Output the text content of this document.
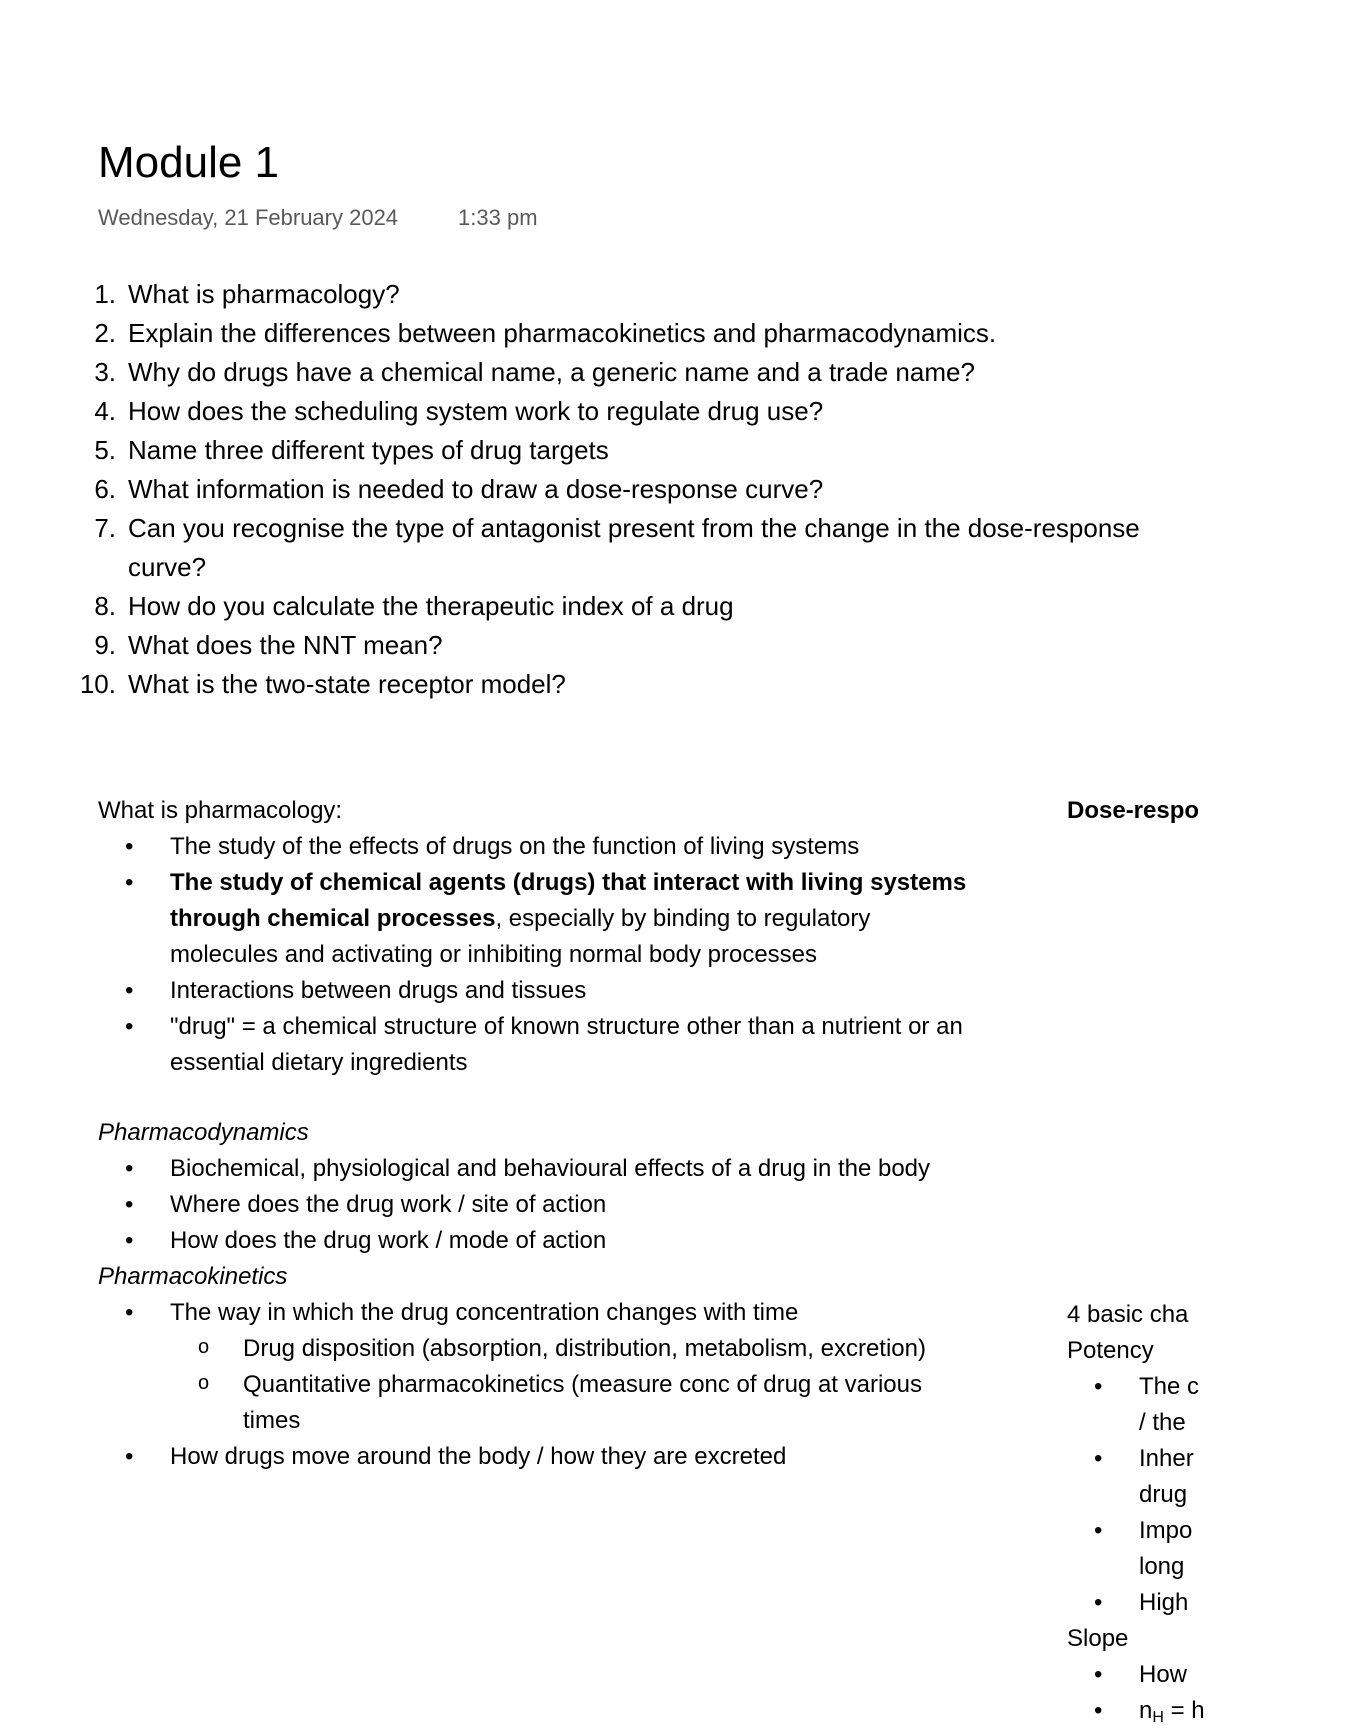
Module 1
Wednesday, 21 February 2024	1:33 pm
1. What is pharmacology?
2. Explain the differences between pharmacokinetics and pharmacodynamics.
3. Why do drugs have a chemical name, a generic name and a trade name?
4. How does the scheduling system work to regulate drug use?
5. Name three different types of drug targets
6. What information is needed to draw a dose-response curve?
7. Can you recognise the type of antagonist present from the change in the dose-response curve?
8. How do you calculate the therapeutic index of a drug
9. What does the NNT mean?
10. What is the two-state receptor model?

What is pharmacology:

• The study of the effects of drugs on the function of living systems
• The study of chemical agents (drugs) that interact with living systems through chemical processes, especially by binding to regulatory molecules and activating or inhibiting normal body processes
• Interactions between drugs and tissues
• "drug" = a chemical structure of known structure other than a nutrient or an essential dietary ingredients

Pharmacodynamics

• Biochemical, physiological and behavioural effects of a drug in the body
• Where does the drug work / site of action
• How does the drug work / mode of action

Pharmacokinetics

• The way in which the drug concentration changes with time
o Drug disposition (absorption, distribution, metabolism, excretion)
o Quantitative pharmacokinetics (measure conc of drug at various times
• How drugs move around the body / how they are excreted

Dose-respo

4 basic cha

Potency

• The c
/ the
• Inher
drug
• Impo
long
• High

Slope

• How
• $n_H = h$
